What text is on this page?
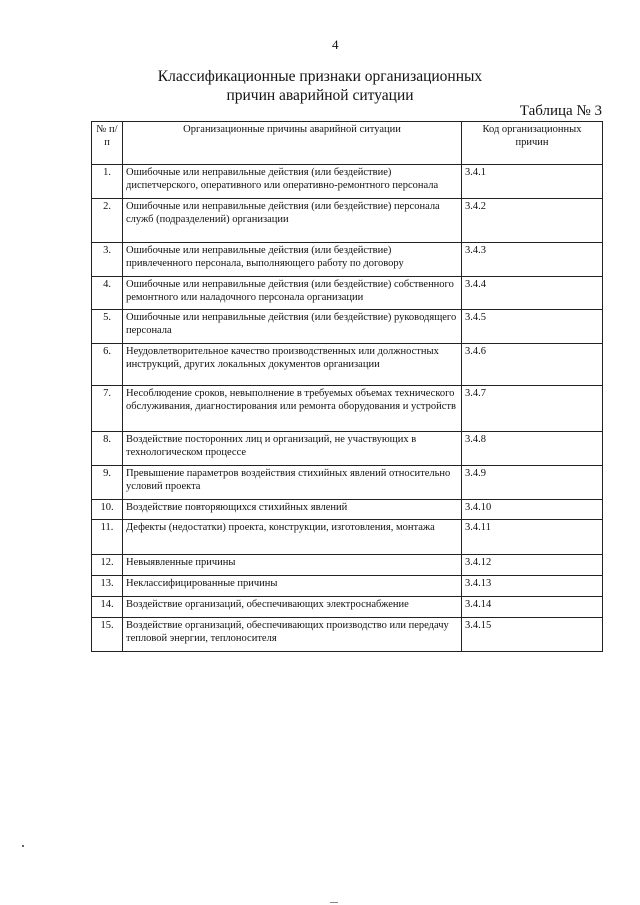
4
Классификационные признаки организационных
причин аварийной ситуации
Таблица № 3
№ п/п	Организационные причины аварийной ситуации	Код организационных причин
1.	Ошибочные или неправильные действия (или бездействие) диспетчерского, оперативного или оперативно-ремонтного персонала	3.4.1
2.	Ошибочные или неправильные действия (или бездействие) персонала служб (подразделений) организации	3.4.2
3.	Ошибочные или неправильные действия (или бездействие) привлеченного персонала, выполняющего работу по договору	3.4.3
4.	Ошибочные или неправильные действия (или бездействие) собственного ремонтного или наладочного персонала организации	3.4.4
5.	Ошибочные или неправильные действия (или бездействие) руководящего персонала	3.4.5
6.	Неудовлетворительное качество производственных или должностных инструкций, других локальных документов организации	3.4.6
7.	Несоблюдение сроков, невыполнение в требуемых объемах технического обслуживания, диагностирования или ремонта оборудования и устройств	3.4.7
8.	Воздействие посторонних лиц и организаций, не участвующих в технологическом процессе	3.4.8
9.	Превышение параметров воздействия стихийных явлений относительно условий проекта	3.4.9
10.	Воздействие повторяющихся стихийных явлений	3.4.10
11.	Дефекты (недостатки) проекта, конструкции, изготовления, монтажа	3.4.11
12.	Невыявленные причины	3.4.12
13.	Неклассифицированные причины	3.4.13
14.	Воздействие организаций, обеспечивающих электроснабжение	3.4.14
15.	Воздействие организаций, обеспечивающих производство или передачу тепловой энергии, теплоносителя	3.4.15
